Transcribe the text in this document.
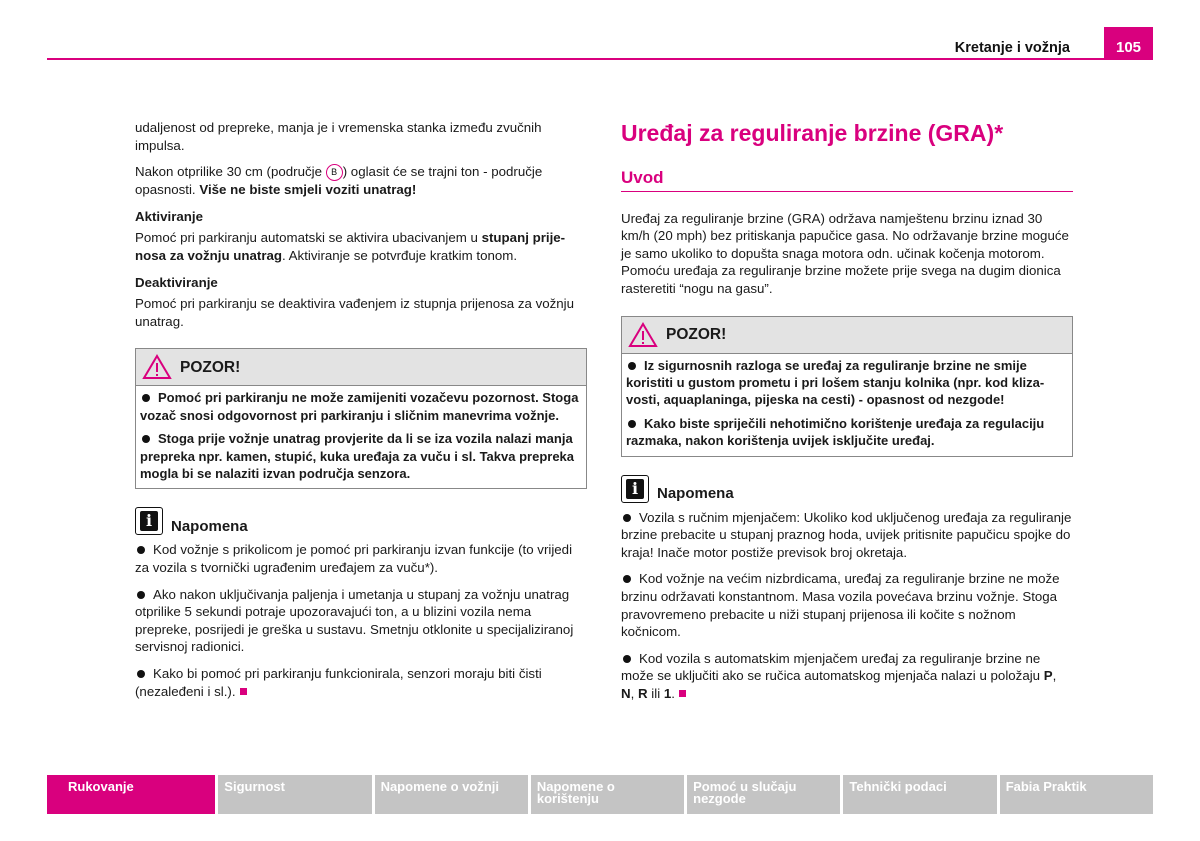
Kretanje i vožnja	105

udaljenost od prepreke, manja je i vremenska stanka između zvučnih impulsa.

Nakon otprilike 30 cm (područje B ) oglasit će se trajni ton - područje opasnosti. Više ne biste smjeli voziti unatrag!

Aktiviranje

Pomoć pri parkiranju automatski se aktivira ubacivanjem u stupanj prijenosa za vožnju unatrag. Aktiviranje se potvrđuje kratkim tonom.

Deaktiviranje

Pomoć pri parkiranju se deaktivira vađenjem iz stupnja prijenosa za vožnju unatrag.

POZOR!

Pomoć pri parkiranju ne može zamijeniti vozačevu pozornost. Stoga vozač snosi odgovornost pri parkiranju i sličnim manevrima vožnje.

Stoga prije vožnje unatrag provjerite da li se iza vozila nalazi manja prepreka npr. kamen, stupić, kuka uređaja za vuču i sl. Takva prepreka mogla bi se nalaziti izvan područja senzora.

i	Napomena

Kod vožnje s prikolicom je pomoć pri parkiranju izvan funkcije (to vrijedi za vozila s tvornički ugrađenim uređajem za vuču*).

Ako nakon uključivanja paljenja i umetanja u stupanj za vožnju unatrag otprilike 5 sekundi potraje upozoravajući ton, a u blizini vozila nema prepreke, posrijedi je greška u sustavu. Smetnju otklonite u specijaliziranoj servisnoj radionici.

Kako bi pomoć pri parkiranju funkcionirala, senzori moraju biti čisti (nezaleđeni i sl.).

Uređaj za reguliranje brzine (GRA)*
Uvod

Uređaj za reguliranje brzine (GRA) održava namještenu brzinu iznad 30 km/h (20 mph) bez pritiskanja papučice gasa. No održavanje brzine moguće je samo ukoliko to dopušta snaga motora odn. učinak kočenja motorom. Pomoću uređaja za reguliranje brzine možete prije svega na dugim dionica rasteretiti “nogu na gasu”.

POZOR!

Iz sigurnosnih razloga se uređaj za reguliranje brzine ne smije koristiti u gustom prometu i pri lošem stanju kolnika (npr. kod klizavosti, aquaplaninga, pijeska na cesti) - opasnost od nezgode!

Kako biste spriječili nehotimično korištenje uređaja za regulaciju razmaka, nakon korištenja uvijek isključite uređaj.

i	Napomena

Vozila s ručnim mjenjačem: Ukoliko kod uključenog uređaja za reguliranje brzine prebacite u stupanj praznog hoda, uvijek pritisnite papučicu spojke do kraja! Inače motor postiže previsok broj okretaja.

Kod vožnje na većim nizbrdicama, uređaj za reguliranje brzine ne može brzinu održavati konstantnom. Masa vozila povećava brzinu vožnje. Stoga pravovremeno prebacite u niži stupanj prijenosa ili kočite s nožnom kočnicom.

Kod vozila s automatskim mjenjačem uređaj za reguliranje brzine ne može se uključiti ako se ručica automatskog mjenjača nalazi u položaju P, N, R ili 1.

Rukovanje	Sigurnost	Napomene o vožnji	Napomene o korištenju
Pomoć u slučaju nezgode
Tehnički podaci	Fabia Praktik
